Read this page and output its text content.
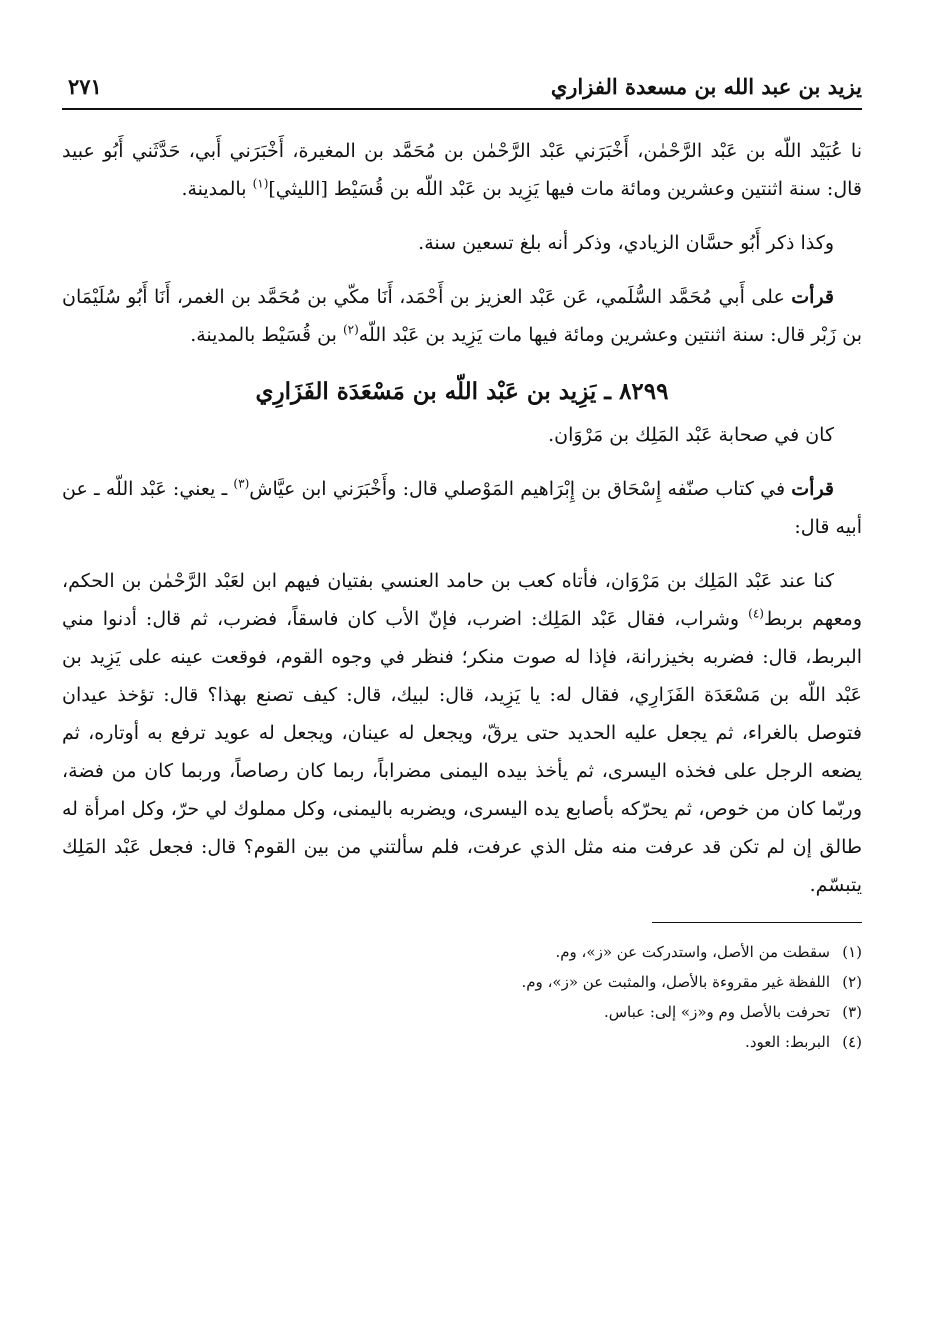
يزيد بن عبد الله بن مسعدة الفزاري
٢٧١

نا عُبَيْد اللّه بن عَبْد الرَّحْمٰن، أَخْبَرَني عَبْد الرَّحْمٰن بن مُحَمَّد بن المغيرة، أَخْبَرَني أَبي، حَدَّثَني أَبُو عبيد قال: سنة اثنتين وعشرين ومائة مات فيها يَزِيد بن عَبْد اللّه بن قُسَيْط [الليثي]$^{(١)}$ بالمدينة.

وكذا ذكر أَبُو حسَّان الزيادي، وذكر أنه بلغ تسعين سنة.

قرأت على أَبي مُحَمَّد السُّلَمي، عَن عَبْد العزيز بن أَحْمَد، أَنَا مكّي بن مُحَمَّد بن الغمر، أَنَا أَبُو سُلَيْمَان بن زَبْر قال: سنة اثنتين وعشرين ومائة فيها مات يَزِيد بن عَبْد اللّه$^{(٢)}$ بن قُسَيْط بالمدينة.

٨٢٩٩ ـ يَزِيد بن عَبْد اللّه بن مَسْعَدَة الفَزَارِي

كان في صحابة عَبْد المَلِك بن مَرْوَان.

قرأت في كتاب صنّفه إِسْحَاق بن إِبْرَاهيم المَوْصلي قال: وأَخْبَرَني ابن عيَّاش$^{(٣)}$ ـ يعني: عَبْد اللّه ـ عن أبيه قال:

كنا عند عَبْد المَلِك بن مَرْوَان، فأتاه كعب بن حامد العنسي بفتيان فيهم ابن لعَبْد الرَّحْمٰن بن الحكم، ومعهم بربط$^{(٤)}$ وشراب، فقال عَبْد المَلِك: اضرب، فإنّ الأب كان فاسقاً، فضرب، ثم قال: أدنوا مني البربط، قال: فضربه بخيزرانة، فإذا له صوت منكر؛ فنظر في وجوه القوم، فوقعت عينه على يَزِيد بن عَبْد اللّه بن مَسْعَدَة الفَزَارِي، فقال له: يا يَزِيد، قال: لبيك، قال: كيف تصنع بهذا؟ قال: تؤخذ عيدان فتوصل بالغراء، ثم يجعل عليه الحديد حتى يرقّ، ويجعل له عينان، ويجعل له عويد ترفع به أوتاره، ثم يضعه الرجل على فخذه اليسرى، ثم يأخذ بيده اليمنى مضراباً، ربما كان رصاصاً، وربما كان من فضة، وربّما كان من خوص، ثم يحرّكه بأصابع يده اليسرى، ويضربه باليمنى، وكل مملوك لي حرّ، وكل امرأة له طالق إن لم تكن قد عرفت منه مثل الذي عرفت، فلم سألتني من بين القوم؟ قال: فجعل عَبْد المَلِك يتبسّم.

(١)سقطت من الأصل، واستدركت عن «ز»، وم.
(٢)اللفظة غير مقروءة بالأصل، والمثبت عن «ز»، وم.
(٣)تحرفت بالأصل وم و«ز» إلى: عباس.
(٤)البربط: العود.
